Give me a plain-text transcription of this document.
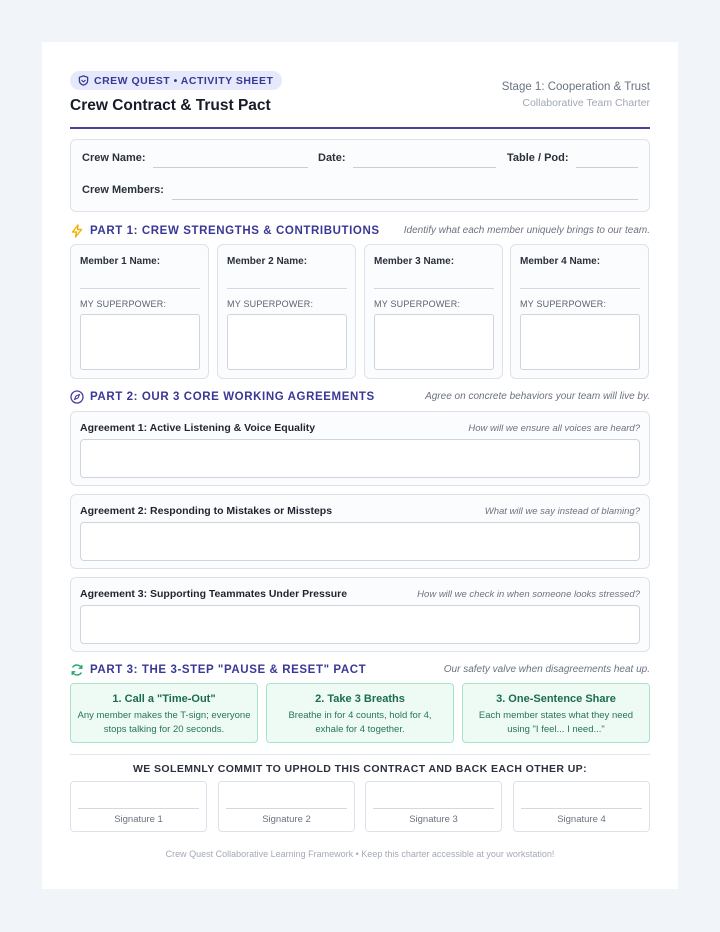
CREW QUEST • ACTIVITY SHEET
Crew Contract & Trust Pact
Stage 1: Cooperation & Trust
Collaborative Team Charter
Crew Name:	Date:	Table / Pod:
Crew Members:
PART 1: CREW STRENGTHS & CONTRIBUTIONS Identify what each member uniquely brings to our team.
Member 1 Name:
MY SUPERPOWER:
Member 2 Name:
MY SUPERPOWER:
Member 3 Name:
MY SUPERPOWER:
Member 4 Name:
MY SUPERPOWER:
PART 2: OUR 3 CORE WORKING AGREEMENTS	Agree on concrete behaviors your team will live by.
Agreement 1: Active Listening & Voice Equality	How will we ensure all voices are heard?
Agreement 2: Responding to Mistakes or Missteps	What will we say instead of blaming?
Agreement 3: Supporting Teammates Under Pressure	How will we check in when someone looks stressed?
PART 3: THE 3-STEP "PAUSE & RESET" PACT	Our safety valve when disagreements heat up.
1. Call a "Time-Out"
Any member makes the T-sign; everyone
stops talking for 20 seconds.
2. Take 3 Breaths
Breathe in for 4 counts, hold for 4,
exhale for 4 together.
3. One-Sentence Share
Each member states what they need
using "I feel... I need..."
WE SOLEMNLY COMMIT TO UPHOLD THIS CONTRACT AND BACK EACH OTHER UP:
Signature 1	Signature 2	Signature 3	Signature 4
Crew Quest Collaborative Learning Framework • Keep this charter accessible at your workstation!
